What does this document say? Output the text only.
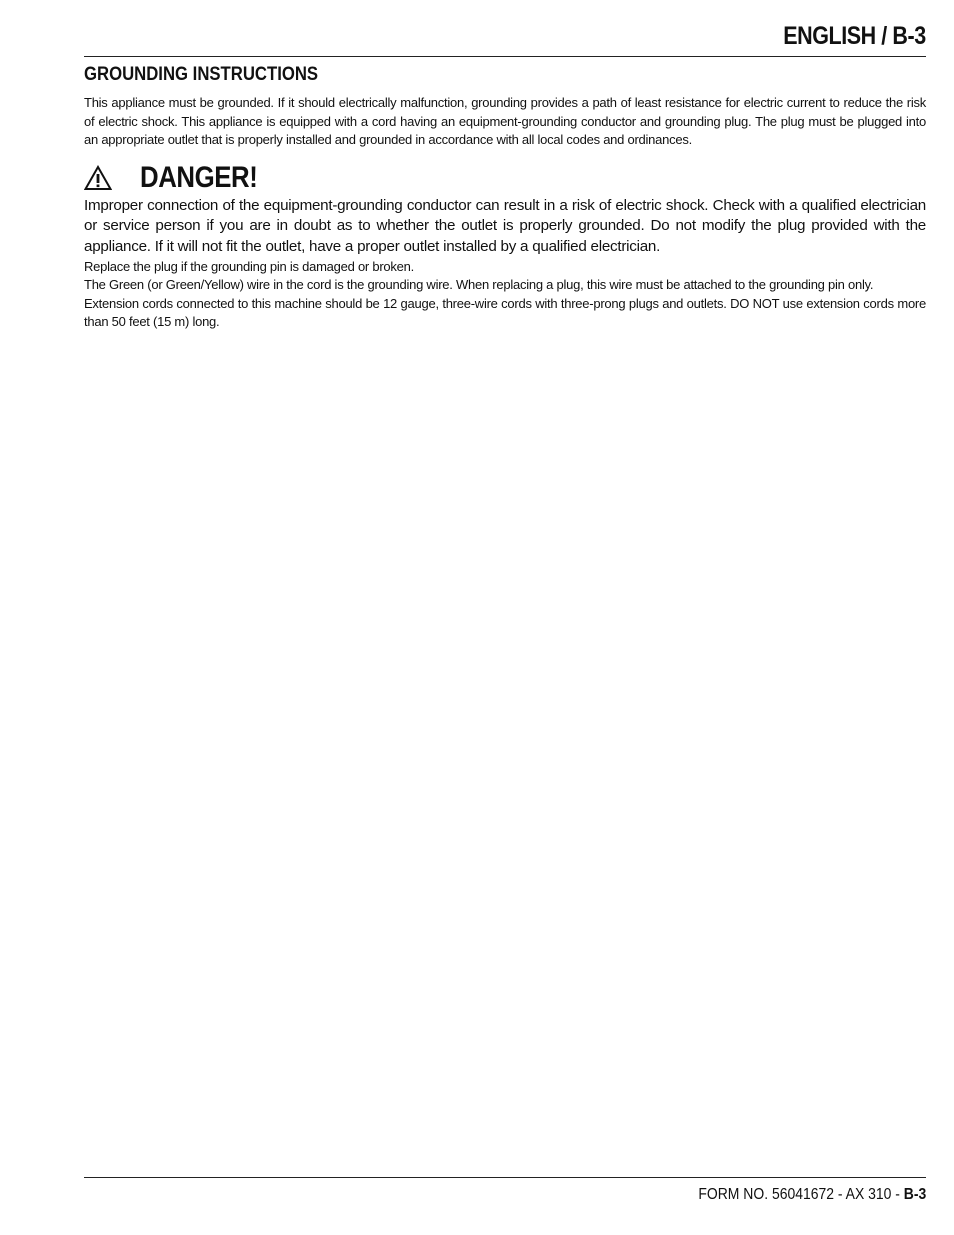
ENGLISH / B-3
GROUNDING INSTRUCTIONS

This appliance must be grounded. If it should electrically malfunction, grounding provides a path of least resistance for electric current to reduce the risk of electric shock. This appliance is equipped with a cord having an equipment-grounding conductor and grounding plug. The plug must be plugged into an appropriate outlet that is properly installed and grounded in accordance with all local codes and ordinances.

DANGER!

Improper connection of the equipment-grounding conductor can result in a risk of electric shock. Check with a qualified electrician or service person if you are in doubt as to whether the outlet is properly grounded. Do not modify the plug provided with the appliance. If it will not fit the outlet, have a proper outlet installed by a qualified electrician.

Replace the plug if the grounding pin is damaged or broken.

The Green (or Green/Yellow) wire in the cord is the grounding wire. When replacing a plug, this wire must be attached to the grounding pin only.

Extension cords connected to this machine should be 12 gauge, three-wire cords with three-prong plugs and outlets. DO NOT use extension cords more than 50 feet (15 m) long.

FORM NO. 56041672 - AX 310 - B-3
